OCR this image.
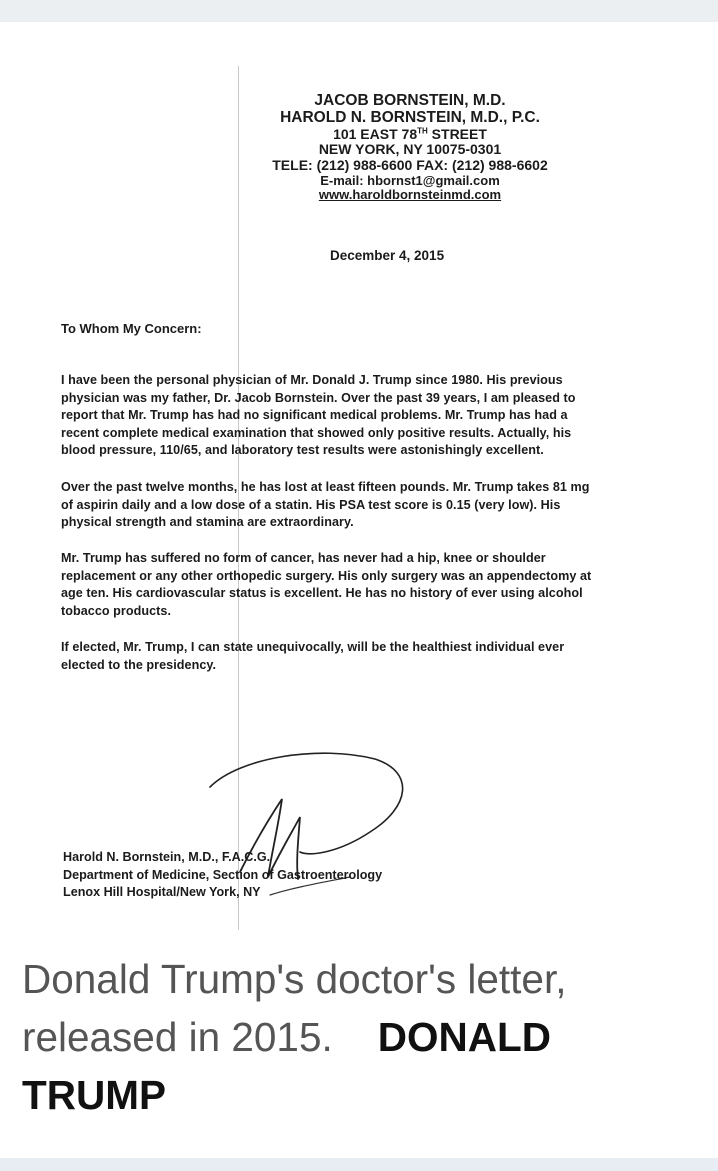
JACOB BORNSTEIN, M.D.
HAROLD N. BORNSTEIN, M.D., P.C.
101 EAST 78TH STREET
NEW YORK, NY 10075-0301
TELE: (212) 988-6600 FAX: (212) 988-6602
E-mail: hbornst1@gmail.com
www.haroldbornsteinmd.com
December 4, 2015
To Whom My Concern:
I have been the personal physician of Mr. Donald J. Trump since 1980. His previous
physician was my father, Dr. Jacob Bornstein. Over the past 39 years, I am pleased to
report that Mr. Trump has had no significant medical problems. Mr. Trump has had a
recent complete medical examination that showed only positive results. Actually, his
blood pressure, 110/65, and laboratory test results were astonishingly excellent.
Over the past twelve months, he has lost at least fifteen pounds. Mr. Trump takes 81 mg
of aspirin daily and a low dose of a statin. His PSA test score is 0.15 (very low). His
physical strength and stamina are extraordinary.
Mr. Trump has suffered no form of cancer, has never had a hip, knee or shoulder
replacement or any other orthopedic surgery. His only surgery was an appendectomy at
age ten. His cardiovascular status is excellent. He has no history of ever using alcohol
tobacco products.
If elected, Mr. Trump, I can state unequivocally, will be the healthiest individual ever
elected to the presidency.
Harold N. Bornstein, M.D., F.A.C.G.
Department of Medicine, Section of Gastroenterology
Lenox Hill Hospital/New York, NY
Donald Trump's doctor's letter, released in 2015. DONALD TRUMP
